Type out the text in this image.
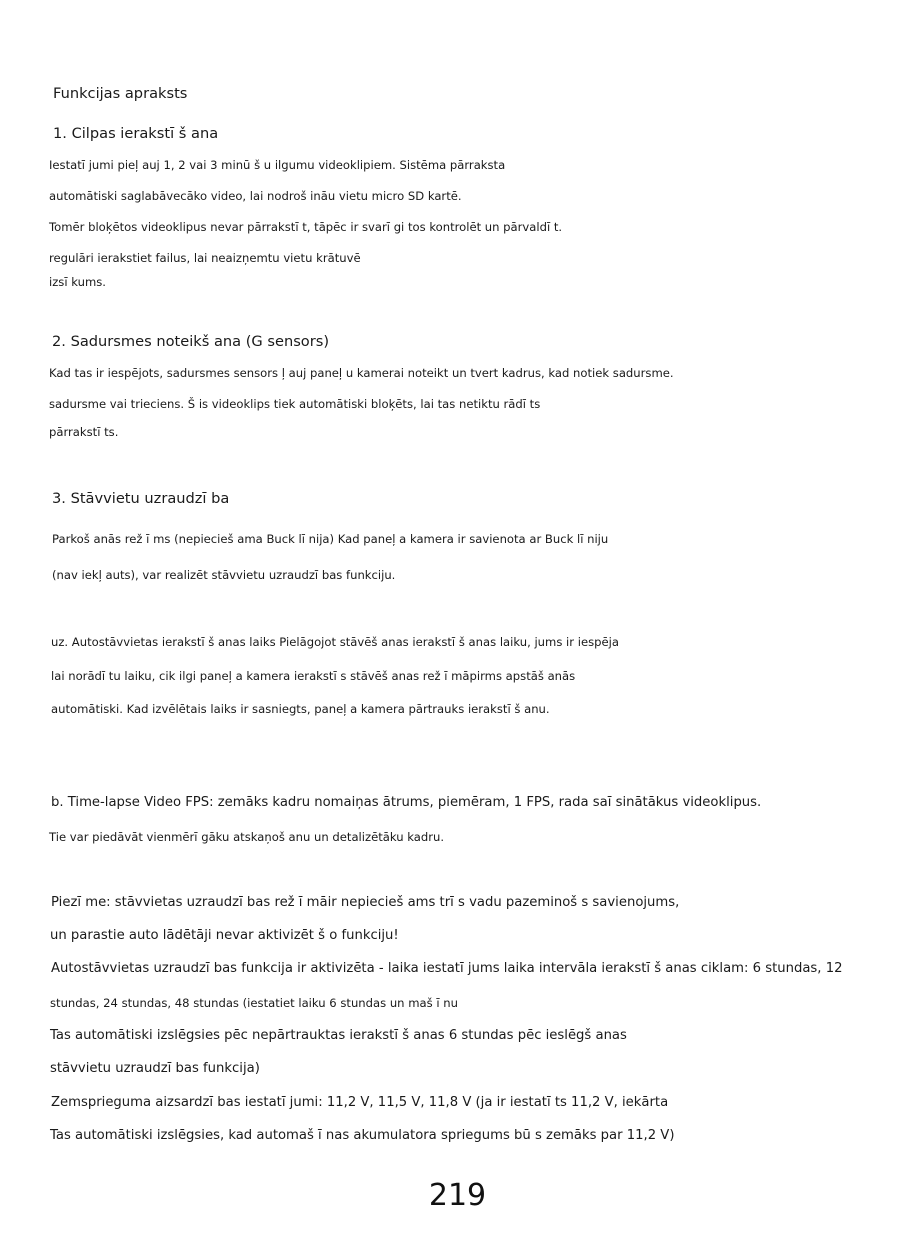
Funkcijas apraksts
1. Cilpas ierakstī š ana
Iestatī jumi pieļ auj 1, 2 vai 3 minū š u ilgumu videoklipiem. Sistēma pārraksta
automātiski saglabāvecāko video, lai nodroš ināu vietu micro SD kartē.
Tomēr bloķētos videoklipus nevar pārrakstī t, tāpēc ir svarī gi tos kontrolēt un pārvaldī t.
regulāri ierakstiet failus, lai neaizņemtu vietu krātuvē
izsī kums.
2. Sadursmes noteikš ana (G sensors)
Kad tas ir iespējots, sadursmes sensors ļ auj paneļ u kamerai noteikt un tvert kadrus, kad notiek sadursme.
sadursme vai trieciens. Š is videoklips tiek automātiski bloķēts, lai tas netiktu rādī ts
pārrakstī ts.
3. Stāvvietu uzraudzī ba
Parkoš anās rež ī ms (nepiecieš ama Buck lī nija) Kad paneļ a kamera ir savienota ar Buck lī niju
(nav iekļ auts), var realizēt stāvvietu uzraudzī bas funkciju.
uz. Autostāvvietas ierakstī š anas laiks Pielāgojot stāvēš anas ierakstī š anas laiku, jums ir iespēja
lai norādī tu laiku, cik ilgi paneļ a kamera ierakstī s stāvēš anas rež ī māpirms apstāš anās
automātiski. Kad izvēlētais laiks ir sasniegts, paneļ a kamera pārtrauks ierakstī š anu.
b. Time-lapse Video FPS: zemāks kadru nomaiņas ātrums, piemēram, 1 FPS, rada saī sinātākus videoklipus.
Tie var piedāvāt vienmērī gāku atskaņoš anu un detalizētāku kadru.
Piezī me: stāvvietas uzraudzī bas rež ī māir nepiecieš ams trī s vadu pazeminoš s savienojums,
un parastie auto lādētāji nevar aktivizēt š o funkciju!
Autostāvvietas uzraudzī bas funkcija ir aktivizēta - laika iestatī jums laika intervāla ierakstī š anas ciklam: 6 stundas, 12
stundas, 24 stundas, 48 stundas (iestatiet laiku 6 stundas un maš ī nu
Tas automātiski izslēgsies pēc nepārtrauktas ierakstī š anas 6 stundas pēc ieslēgš anas
stāvvietu uzraudzī bas funkcija)
Zemsprieguma aizsardzī bas iestatī jumi: 11,2 V, 11,5 V, 11,8 V (ja ir iestatī ts 11,2 V, iekārta
Tas automātiski izslēgsies, kad automaš ī nas akumulatora spriegums bū s zemāks par 11,2 V)
219
